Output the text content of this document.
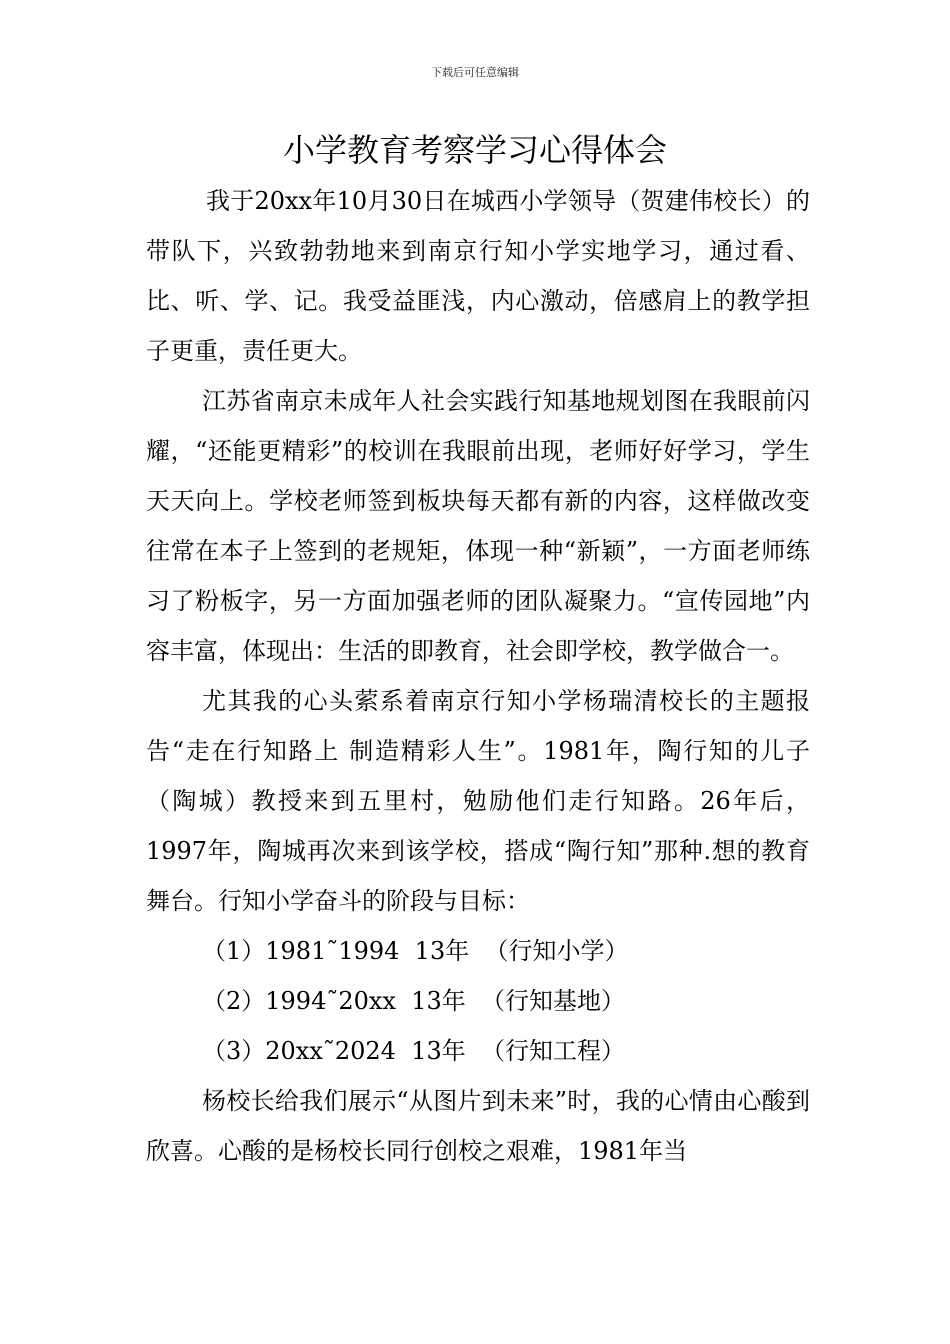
下载后可任意编辑
小学教育考察学习心得体会

我于20xx年10月30日在城西小学领导（贺建伟校长）的带队下，兴致勃勃地来到南京行知小学实地学习，通过看、比、听、学、记。我受益匪浅，内心激动，倍感肩上的教学担子更重，责任更大。

江苏省南京未成年人社会实践行知基地规划图在我眼前闪耀，“还能更精彩”的校训在我眼前出现，老师好好学习，学生天天向上。学校老师签到板块每天都有新的内容，这样做改变往常在本子上签到的老规矩，体现一种“新颖”，一方面老师练习了粉板字，另一方面加强老师的团队凝聚力。“宣传园地”内容丰富，体现出：生活的即教育，社会即学校，教学做合一。

尤其我的心头萦系着南京行知小学杨瑞清校长的主题报告“走在行知路上 制造精彩人生”。1981年，陶行知的儿子（陶城）教授来到五里村，勉励他们走行知路。26年后，1997年，陶城再次来到该学校，搭成“陶行知”那种.想的教育舞台。行知小学奋斗的阶段与目标：

（1）1981˜1994  13年  （行知小学）
（2）1994˜20xx  13年  （行知基地）
（3）20xx˜2024  13年  （行知工程）

杨校长给我们展示“从图片到未来”时，我的心情由心酸到欣喜。心酸的是杨校长同行创校之艰难，1981年当
